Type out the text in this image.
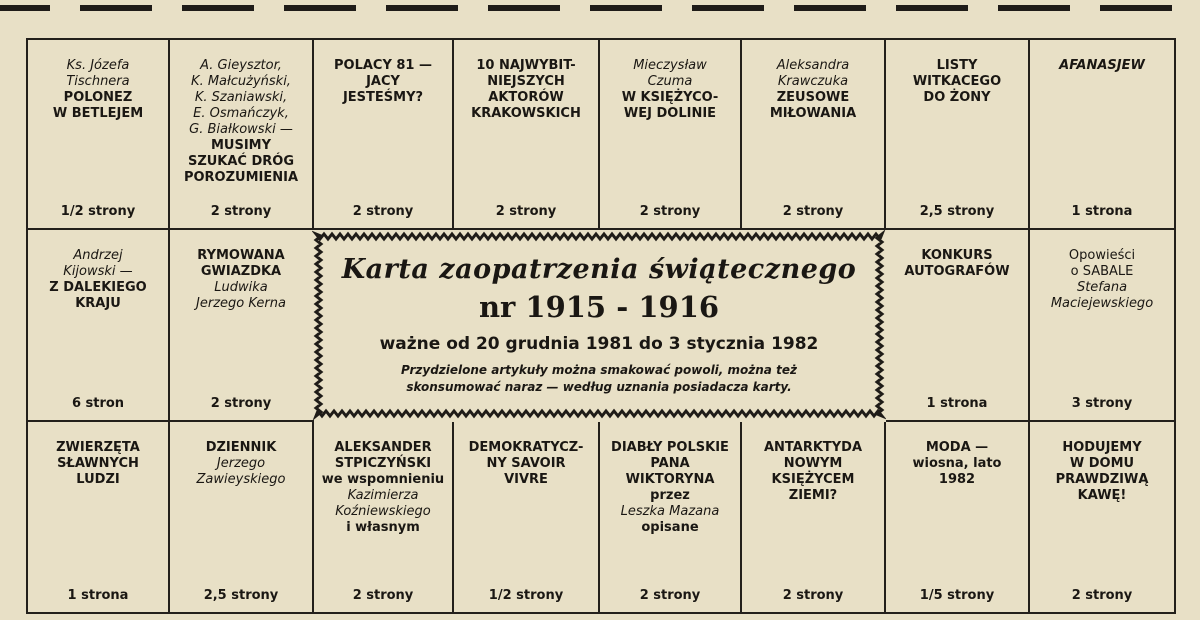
Ks. Józefa
Tischnera
POLONEZ
W BETLEJEM
1/2 strony
A. Gieysztor,
K. Małcużyński,
K. Szaniawski,
E. Osmańczyk,
G. Białkowski —
MUSIMY
SZUKAĆ DRÓG
POROZUMIENIA
2 strony
POLACY 81 —
JACY
JESTEŚMY?
2 strony
10 NAJWYBIT-
NIEJSZYCH
AKTORÓW
KRAKOWSKICH
2 strony
Mieczysław
Czuma
W KSIĘŻYCO-
WEJ DOLINIE
2 strony
Aleksandra
Krawczuka
ZEUSOWE
MIŁOWANIA
2 strony
LISTY
WITKACEGO
DO ŻONY
2,5 strony
AFANASJEW
1 strona
Andrzej
Kijowski —
Z DALEKIEGO
KRAJU
6 stron
RYMOWANA
GWIAZDKA
Ludwika
Jerzego Kerna
2 strony
KONKURS
AUTOGRAFÓW
1 strona
Opowieści
o SABALE
Stefana
Maciejewskiego
3 strony
ZWIERZĘTA
SŁAWNYCH
LUDZI
1 strona
DZIENNIK
Jerzego
Zawieyskiego
2,5 strony
ALEKSANDER
STPICZYŃSKI
we wspomnieniu
Kazimierza
Koźniewskiego
i własnym
2 strony
DEMOKRATYCZ-
NY SAVOIR
VIVRE
1/2 strony
DIABŁY POLSKIE
PANA
WIKTORYNA
przez
Leszka Mazana
opisane
2 strony
ANTARKTYDA
NOWYM
KSIĘŻYCEM
ZIEMI?
2 strony
MODA —
wiosna, lato
1982
1/5 strony
HODUJEMY
W DOMU
PRAWDZIWĄ
KAWĘ!
2 strony
Karta zaopatrzenia świątecznego
nr 1915 - 1916
ważne od 20 grudnia 1981 do 3 stycznia 1982
Przydzielone artykuły można smakować powoli, można też
skonsumować naraz — według uznania posiadacza karty.
